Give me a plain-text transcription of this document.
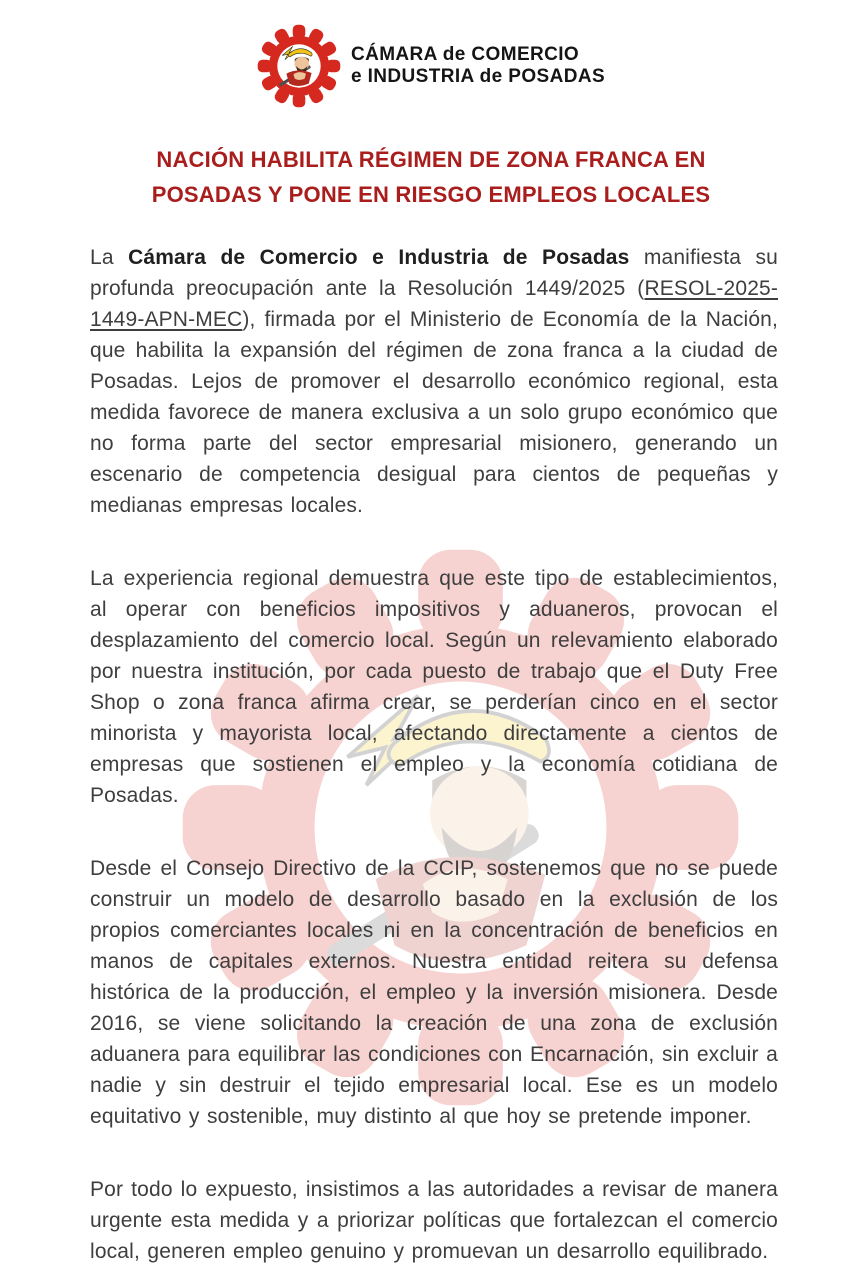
CÁMARA de COMERCIO
e INDUSTRIA de POSADAS
NACIÓN HABILITA RÉGIMEN DE ZONA FRANCA EN
POSADAS Y PONE EN RIESGO EMPLEOS LOCALES

La Cámara de Comercio e Industria de Posadas manifiesta su profunda preocupación ante la Resolución 1449/2025 (RESOL-2025-1449-APN-MEC), firmada por el Ministerio de Economía de la Nación, que habilita la expansión del régimen de zona franca a la ciudad de Posadas. Lejos de promover el desarrollo económico regional, esta medida favorece de manera exclusiva a un solo grupo económico que no forma parte del sector empresarial misionero, generando un escenario de competencia desigual para cientos de pequeñas y medianas empresas locales.

La experiencia regional demuestra que este tipo de establecimientos, al operar con beneficios impositivos y aduaneros, provocan el desplazamiento del comercio local. Según un relevamiento elaborado por nuestra institución, por cada puesto de trabajo que el Duty Free Shop o zona franca afirma crear, se perderían cinco en el sector minorista y mayorista local, afectando directamente a cientos de empresas que sostienen el empleo y la economía cotidiana de Posadas.

Desde el Consejo Directivo de la CCIP, sostenemos que no se puede construir un modelo de desarrollo basado en la exclusión de los propios comerciantes locales ni en la concentración de beneficios en manos de capitales externos. Nuestra entidad reitera su defensa histórica de la producción, el empleo y la inversión misionera. Desde 2016, se viene solicitando la creación de una zona de exclusión aduanera para equilibrar las condiciones con Encarnación, sin excluir a nadie y sin destruir el tejido empresarial local. Ese es un modelo equitativo y sostenible, muy distinto al que hoy se pretende imponer.

Por todo lo expuesto, insistimos a las autoridades a revisar de manera urgente esta medida y a priorizar políticas que fortalezcan el comercio local, generen empleo genuino y promuevan un desarrollo equilibrado.
